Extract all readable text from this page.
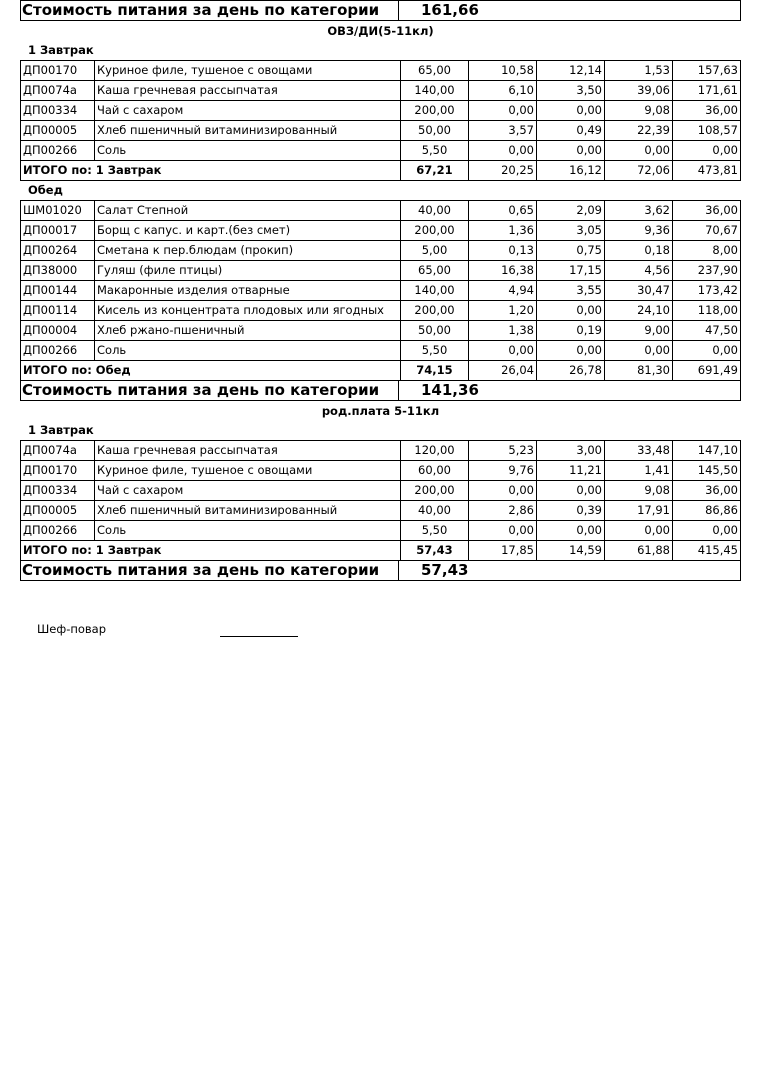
Стоимость питания за день по категории	161,66
ОВЗ/ДИ(5-11кл)
1 Завтрак
ДП00170	Куриное филе, тушеное с овощами	65,00	10,58	12,14	1,53	157,63
ДП0074а	Каша гречневая рассыпчатая	140,00	6,10	3,50	39,06	171,61
ДП00334	Чай с сахаром	200,00	0,00	0,00	9,08	36,00
ДП00005	Хлеб пшеничный витаминизированный	50,00	3,57	0,49	22,39	108,57
ДП00266	Соль	5,50	0,00	0,00	0,00	0,00
ИТОГО по: 1 Завтрак		67,21	20,25	16,12	72,06	473,81
Обед
ШМ01020	Салат Степной	40,00	0,65	2,09	3,62	36,00
ДП00017	Борщ с капус. и карт.(без смет)	200,00	1,36	3,05	9,36	70,67
ДП00264	Сметана к пер.блюдам (прокип)	5,00	0,13	0,75	0,18	8,00
ДП38000	Гуляш (филе птицы)	65,00	16,38	17,15	4,56	237,90
ДП00144	Макаронные изделия отварные	140,00	4,94	3,55	30,47	173,42
ДП00114	Кисель из концентрата плодовых или ягодных	200,00	1,20	0,00	24,10	118,00
ДП00004	Хлеб ржано-пшеничный	50,00	1,38	0,19	9,00	47,50
ДП00266	Соль	5,50	0,00	0,00	0,00	0,00
ИТОГО по: Обед		74,15	26,04	26,78	81,30	691,49
Стоимость питания за день по категории	141,36
род.плата 5-11кл
1 Завтрак
ДП0074а	Каша гречневая рассыпчатая	120,00	5,23	3,00	33,48	147,10
ДП00170	Куриное филе, тушеное с овощами	60,00	9,76	11,21	1,41	145,50
ДП00334	Чай с сахаром	200,00	0,00	0,00	9,08	36,00
ДП00005	Хлеб пшеничный витаминизированный	40,00	2,86	0,39	17,91	86,86
ДП00266	Соль	5,50	0,00	0,00	0,00	0,00
ИТОГО по: 1 Завтрак		57,43	17,85	14,59	61,88	415,45
Стоимость питания за день по категории	57,43
Шеф-повар
